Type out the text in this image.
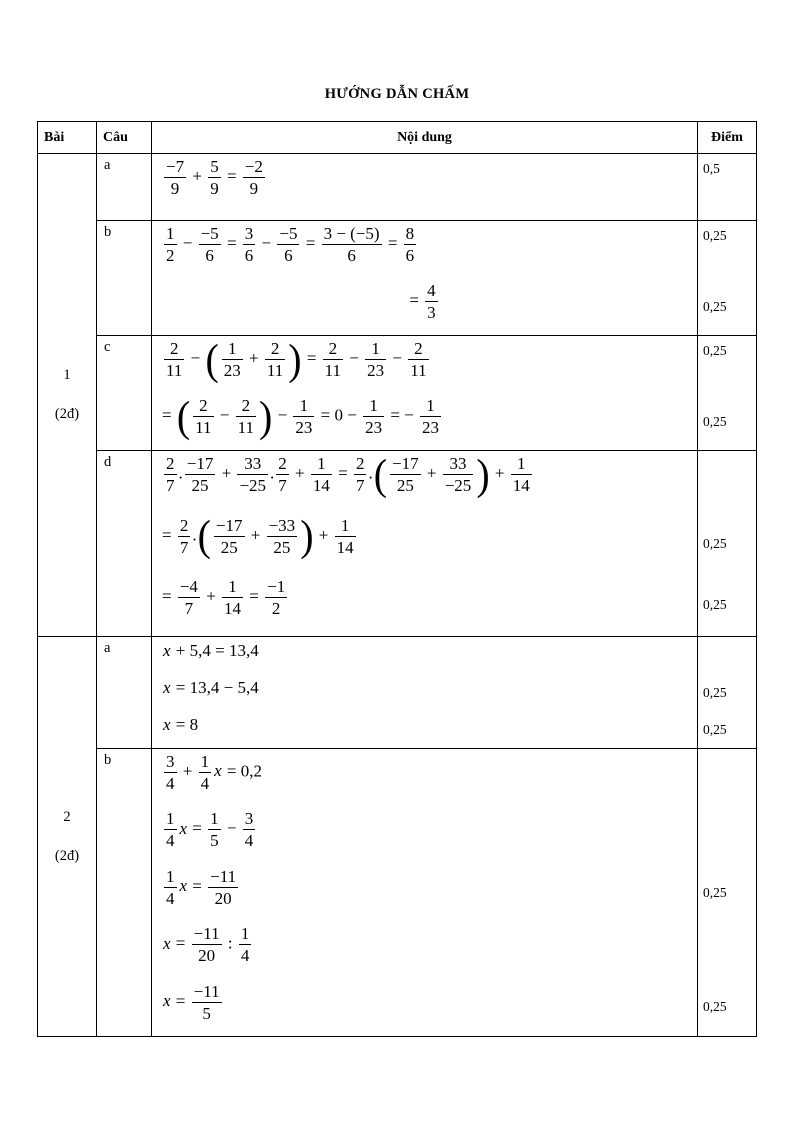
HƯỚNG DẪN CHẤM
Bài	Câu	Nội dung	Điểm

1
(2đ)

a	$\frac{-7}{9} + \frac{5}{9} = \frac{-2}{9}$	0,5

b	$\frac{1}{2} - \frac{-5}{6} = \frac{3}{6} - \frac{-5}{6} = \frac{3 - (-5)}{6} = \frac{8}{6}$	0,25
= $\frac{4}{3}$	0,25

c	$\frac{2}{11}$ − ( $\frac{1}{23} + \frac{2}{11}$ ) = $\frac{2}{11} - \frac{1}{23} - \frac{2}{11}$	0,25
= ( $\frac{2}{11} - \frac{2}{11}$ ) − $\frac{1}{23} = 0 - \frac{1}{23}$ = − $\frac{1}{23}$	0,25

d	$\frac{2}{7}$ . $\frac{-17}{25} + \frac{33}{-25}$ . $\frac{2}{7} + \frac{1}{14} = \frac{2}{7}$ .( $\frac{-17}{25} + \frac{33}{-25}$ ) + $\frac{1}{14}$
= $\frac{2}{7}$ .( $\frac{-17}{25} + \frac{-33}{25}$ ) + $\frac{1}{14}$	0,25
= $\frac{-4}{7} + \frac{1}{14} = \frac{-1}{2}$	0,25

2
(2đ)

a	x + 5,4 = 13,4
x = 13,4 − 5,4	0,25
x = 8	0,25

b	$\frac{3}{4} + \frac{1}{4}$ x = 0,2
$\frac{1}{4}$ $x = \frac{1}{5} - \frac{3}{4}$
$\frac{1}{4}$ $x = \frac{-11}{20}$	0,25
$x = \frac{-11}{20}$ : $\frac{1}{4}$
$x = \frac{-11}{5}$	0,25
